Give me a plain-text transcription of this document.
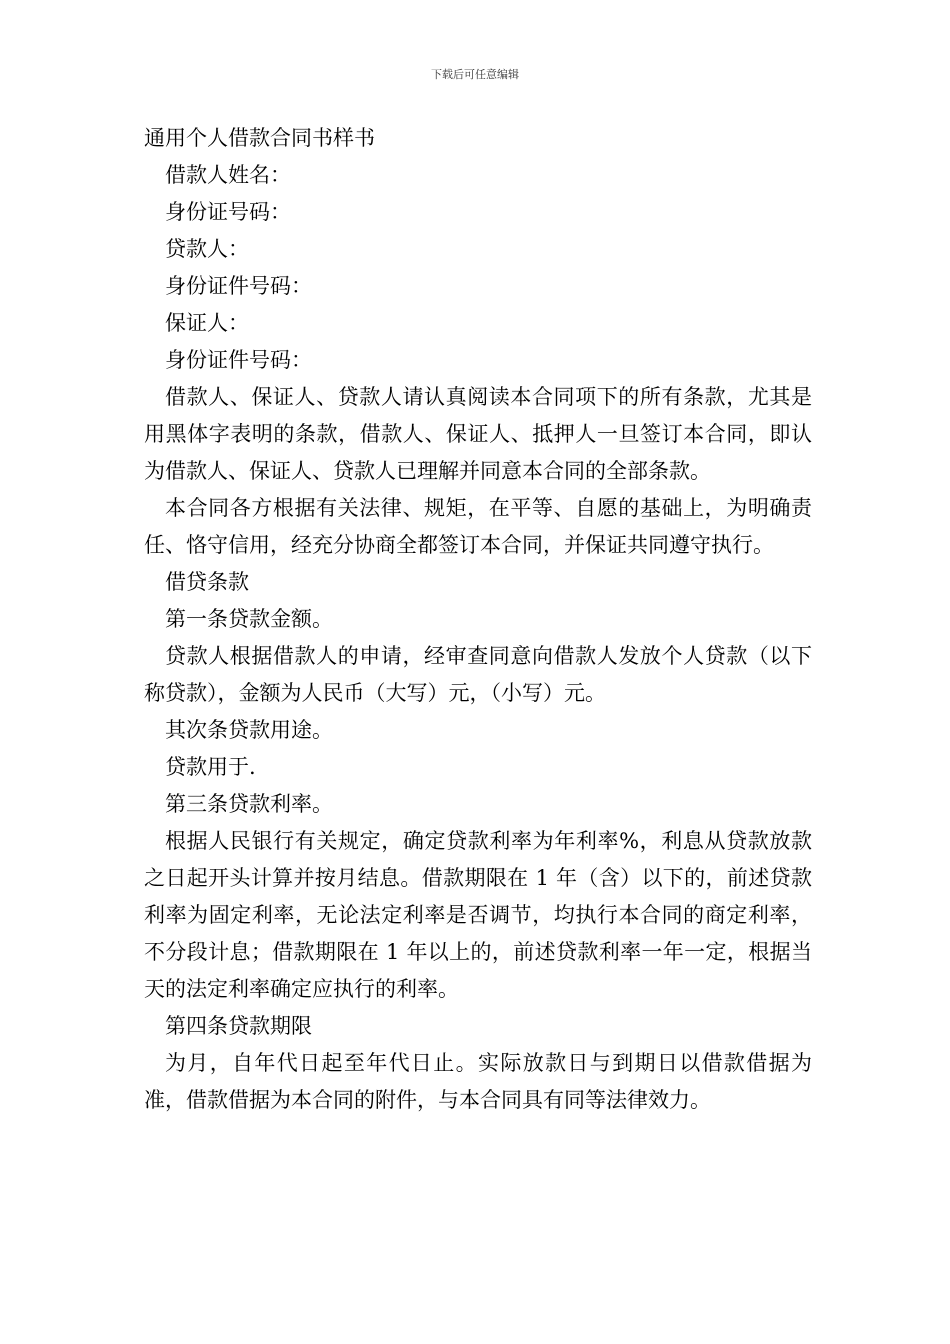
下载后可任意编辑

通用个人借款合同书样书

借款人姓名：

身份证号码：

贷款人：

身份证件号码：

保证人：

身份证件号码：

借款人、保证人、贷款人请认真阅读本合同项下的所有条款，尤其是用黑体字表明的条款，借款人、保证人、抵押人一旦签订本合同，即认为借款人、保证人、贷款人已理解并同意本合同的全部条款。

本合同各方根据有关法律、规矩，在平等、自愿的基础上，为明确责任、恪守信用，经充分协商全都签订本合同，并保证共同遵守执行。

借贷条款

第一条贷款金额。

贷款人根据借款人的申请，经审查同意向借款人发放个人贷款（以下称贷款），金额为人民币（大写）元，（小写）元。

其次条贷款用途。

贷款用于.

第三条贷款利率。

根据人民银行有关规定，确定贷款利率为年利率%，利息从贷款放款之日起开头计算并按月结息。借款期限在 1 年（含）以下的，前述贷款利率为固定利率，无论法定利率是否调节，均执行本合同的商定利率，不分段计息；借款期限在 1 年以上的，前述贷款利率一年一定，根据当天的法定利率确定应执行的利率。

第四条贷款期限

为月，自年代日起至年代日止。实际放款日与到期日以借款借据为准，借款借据为本合同的附件，与本合同具有同等法律效力。
